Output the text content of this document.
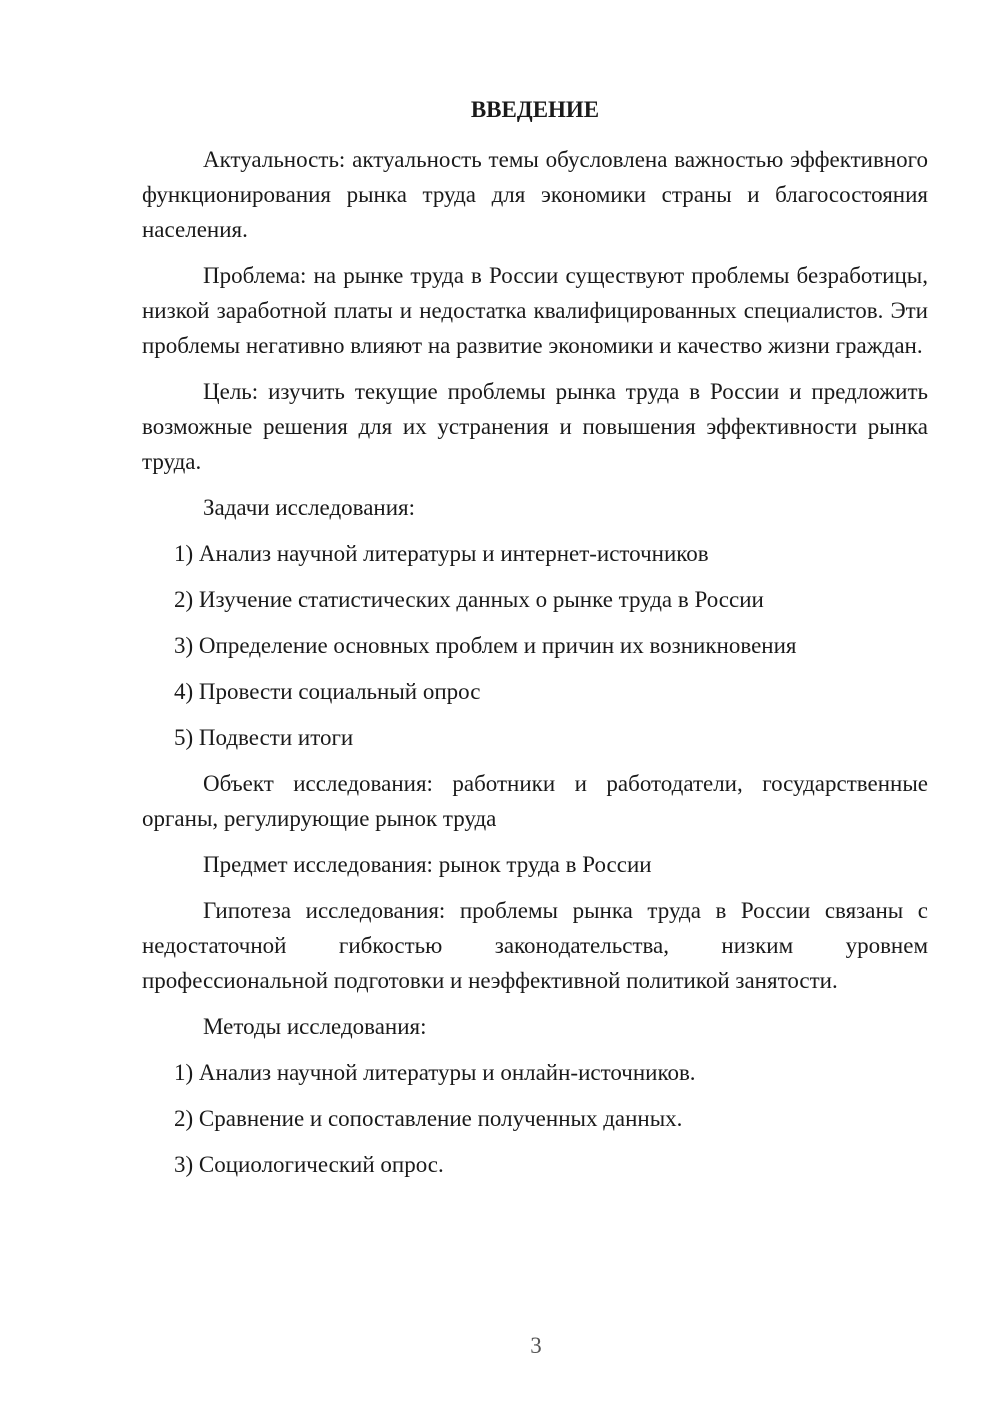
ВВЕДЕНИЕ

Актуальность: актуальность темы обусловлена важностью эффективного функционирования рынка труда для экономики страны и благосостояния населения.

Проблема: на рынке труда в России существуют проблемы безработицы, низкой заработной платы и недостатка квалифицированных специалистов. Эти проблемы негативно влияют на развитие экономики и качество жизни граждан.

Цель: изучить текущие проблемы рынка труда в России и предложить возможные решения для их устранения и повышения эффективности рынка труда.

Задачи исследования:

1) Анализ научной литературы и интернет-источников
2) Изучение статистических данных о рынке труда в России
3) Определение основных проблем и причин их возникновения
4) Провести социальный опрос
5) Подвести итоги

Объект исследования: работники и работодатели, государственные органы, регулирующие рынок труда

Предмет исследования: рынок труда в России

Гипотеза исследования: проблемы рынка труда в России связаны с недостаточной гибкостью законодательства, низким уровнем профессиональной подготовки и неэффективной политикой занятости.

Методы исследования:

1) Анализ научной литературы и онлайн-источников.
2) Сравнение и сопоставление полученных данных.
3) Социологический опрос.
3
